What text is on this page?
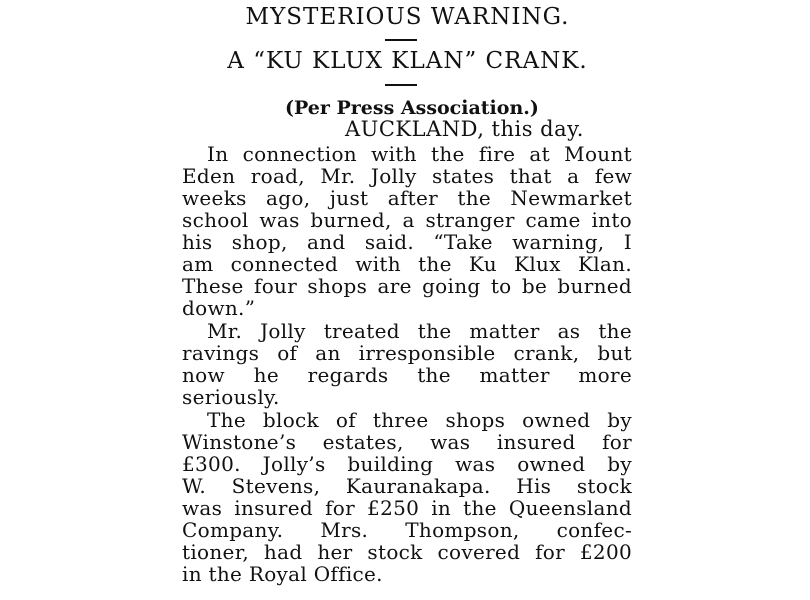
MYSTERIOUS WARNING.
A “KU KLUX KLAN” CRANK.
(Per Press Association.)
AUCKLAND, this day.
In connection with the fire at Mount
Eden road, Mr. Jolly states that a few
weeks ago, just after the Newmarket
school was burned, a stranger came into
his shop, and said. “Take warning, I
am connected with the Ku Klux Klan.
These four shops are going to be burned
down.”
Mr. Jolly treated the matter as the
ravings of an irresponsible crank, but
now he regards the matter more
seriously.
The block of three shops owned by
Winstone’s estates, was insured for
£300. Jolly’s building was owned by
W. Stevens, Kauranakapa. His stock
was insured for £250 in the Queensland
Company. Mrs. Thompson, confec-
tioner, had her stock covered for £200
in the Royal Office.
